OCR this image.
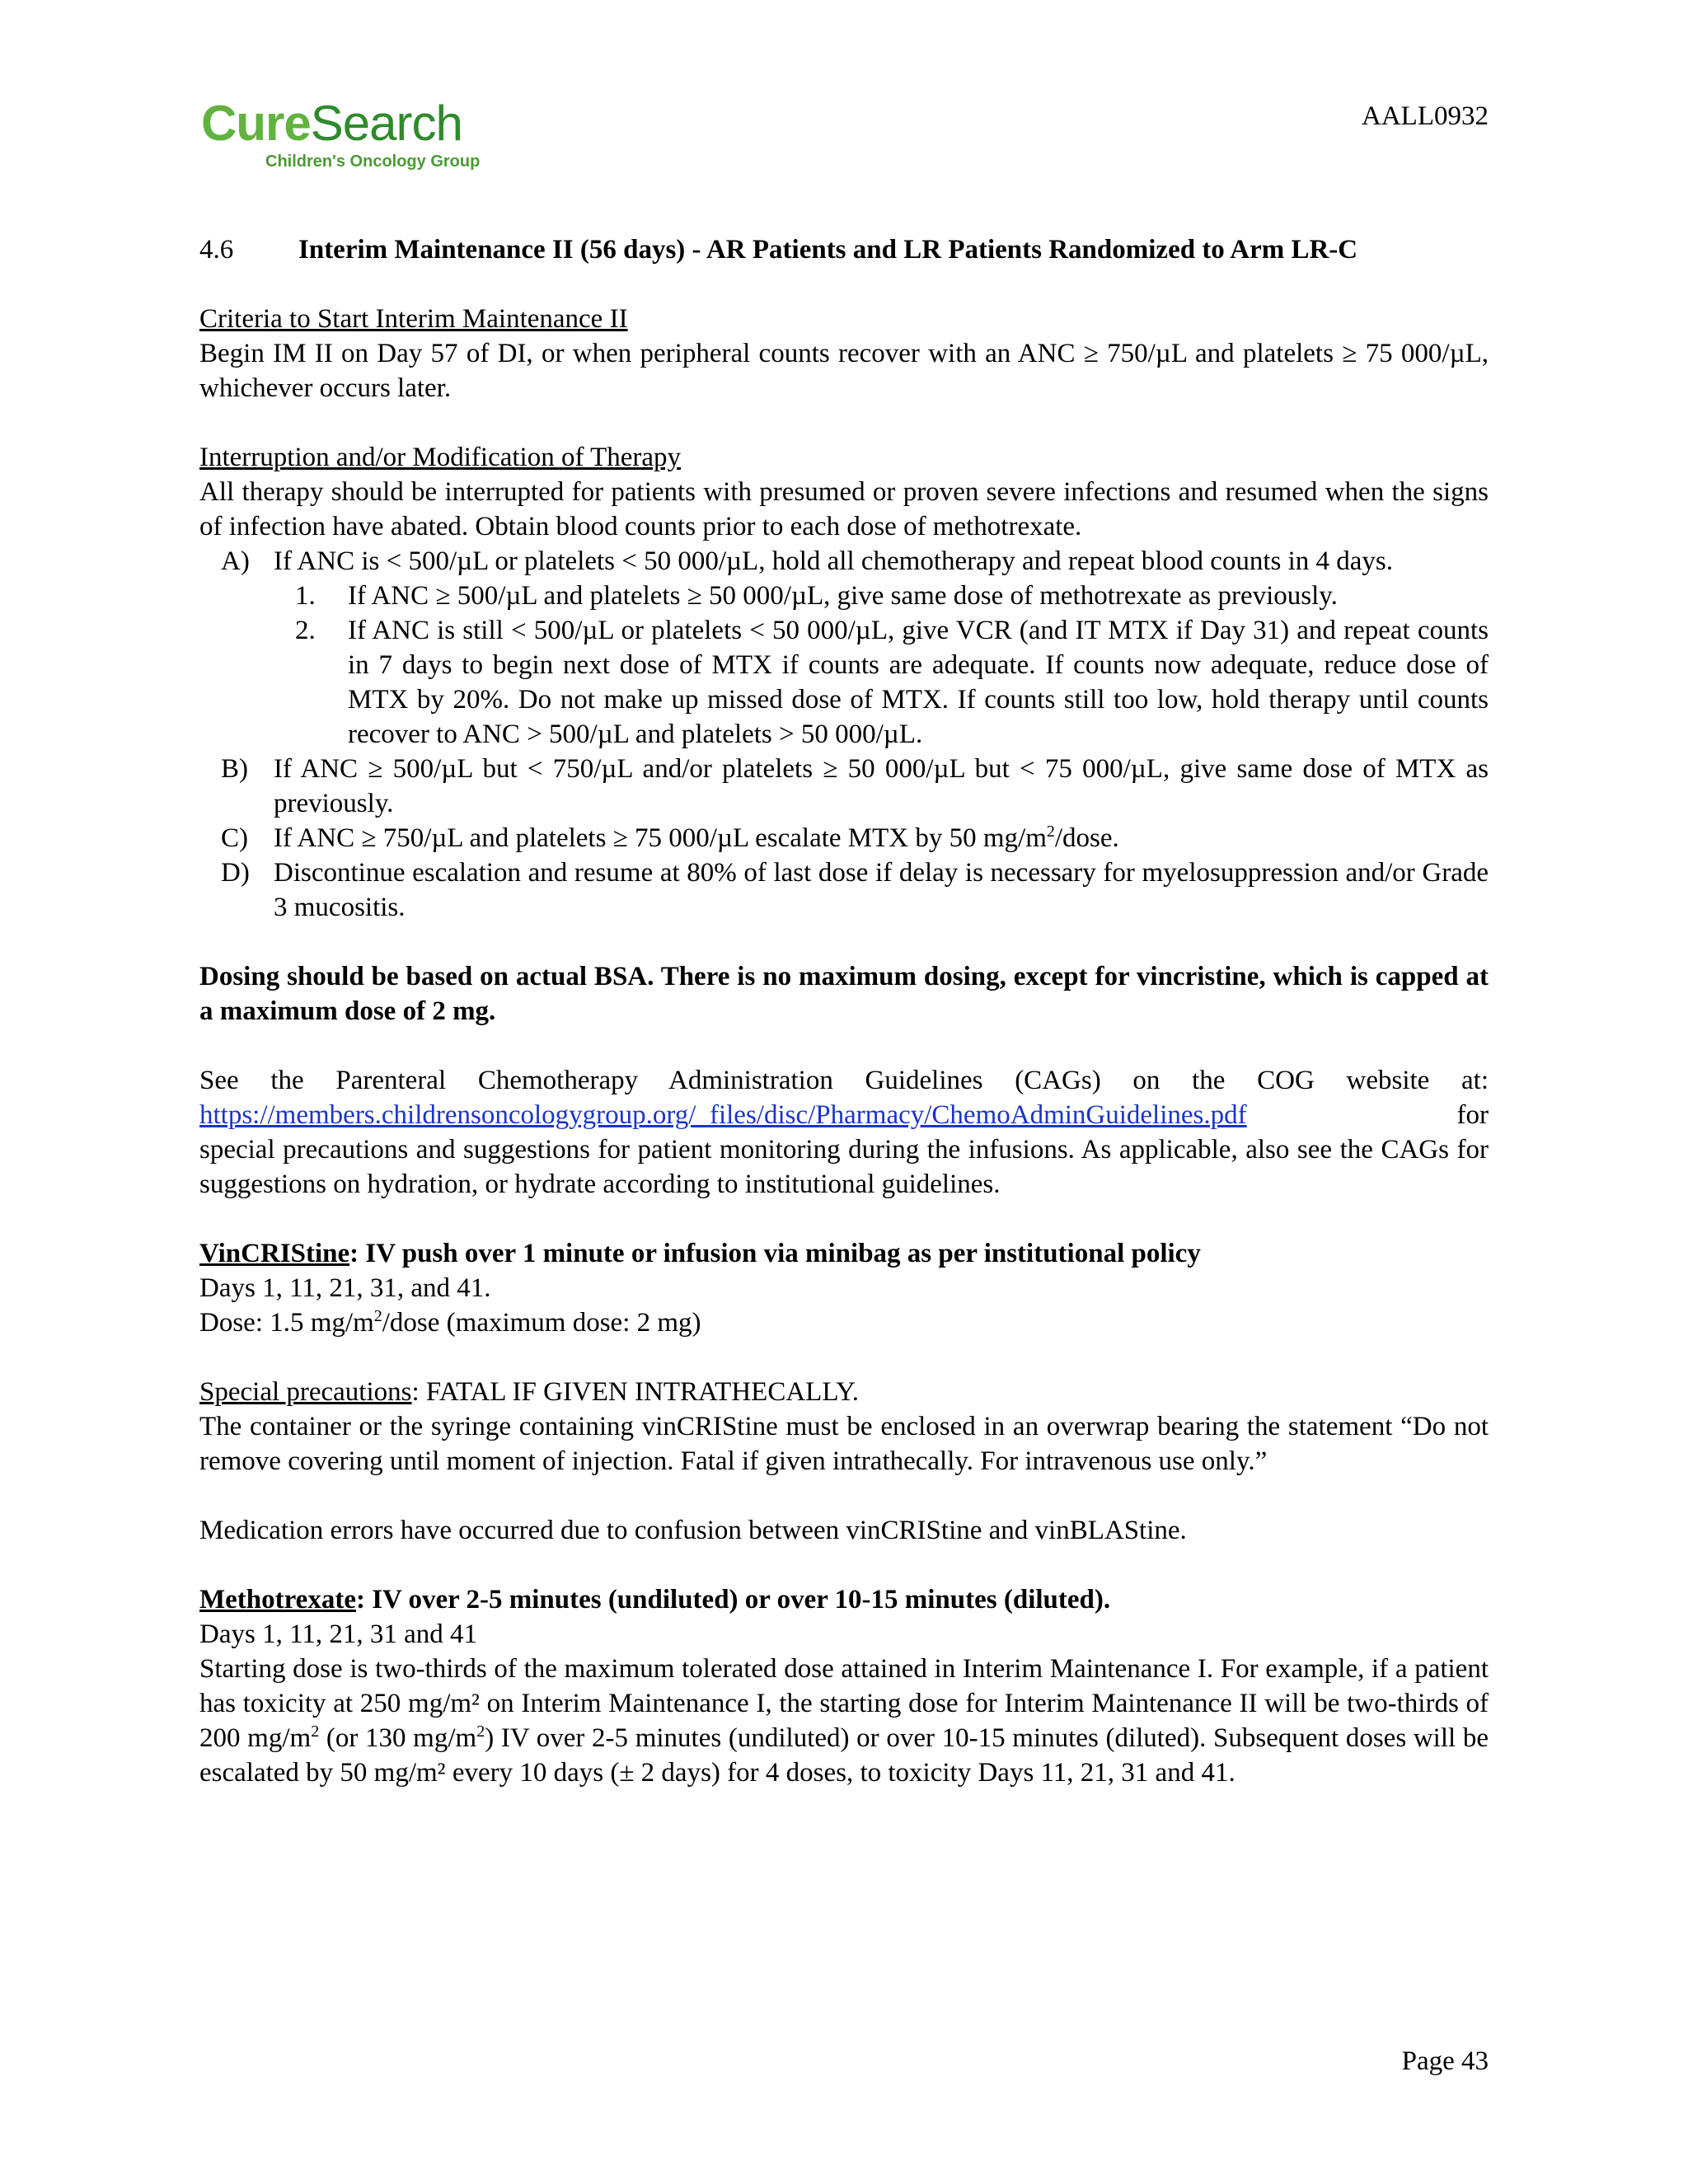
CureSearch
Children's Oncology Group
AALL0932
4.6	Interim Maintenance II (56 days) - AR Patients and LR Patients Randomized to Arm LR-C
Criteria to Start Interim Maintenance II
Begin IM II on Day 57 of DI, or when peripheral counts recover with an ANC ≥ 750/µL and platelets ≥ 75 000/µL, whichever occurs later.
Interruption and/or Modification of Therapy
All therapy should be interrupted for patients with presumed or proven severe infections and resumed when the signs of infection have abated. Obtain blood counts prior to each dose of methotrexate.
A) If ANC is < 500/µL or platelets < 50 000/µL, hold all chemotherapy and repeat blood counts in 4 days.
1.	If ANC ≥ 500/µL and platelets ≥ 50 000/µL, give same dose of methotrexate as previously.
2.	If ANC is still < 500/µL or platelets < 50 000/µL, give VCR (and IT MTX if Day 31) and repeat counts in 7 days to begin next dose of MTX if counts are adequate. If counts now adequate, reduce dose of MTX by 20%. Do not make up missed dose of MTX. If counts still too low, hold therapy until counts recover to ANC > 500/µL and platelets > 50 000/µL.
B) If ANC ≥ 500/µL but < 750/µL and/or platelets ≥ 50 000/µL but < 75 000/µL, give same dose of MTX as previously.
C) If ANC ≥ 750/µL and platelets ≥ 75 000/µL escalate MTX by 50 $mg/m^2$/dose.
D) Discontinue escalation and resume at 80% of last dose if delay is necessary for myelosuppression and/or Grade 3 mucositis.
Dosing should be based on actual BSA. There is no maximum dosing, except for vincristine, which is capped at a maximum dose of 2 mg.
See the Parenteral Chemotherapy Administration Guidelines (CAGs) on the COG website at:
https://members.childrensoncologygroup.org/_files/disc/Pharmacy/ChemoAdminGuidelines.pdf	for
special precautions and suggestions for patient monitoring during the infusions. As applicable, also see the CAGs for suggestions on hydration, or hydrate according to institutional guidelines.
VinCRIStine: IV push over 1 minute or infusion via minibag as per institutional policy
Days 1, 11, 21, 31, and 41.
Dose: 1.5 $mg/m^2$/dose (maximum dose: 2 mg)
Special precautions: FATAL IF GIVEN INTRATHECALLY.
The container or the syringe containing vinCRIStine must be enclosed in an overwrap bearing the statement “Do not remove covering until moment of injection. Fatal if given intrathecally. For intravenous use only.”
Medication errors have occurred due to confusion between vinCRIStine and vinBLAStine.
Methotrexate: IV over 2-5 minutes (undiluted) or over 10-15 minutes (diluted).
Days 1, 11, 21, 31 and 41
Starting dose is two-thirds of the maximum tolerated dose attained in Interim Maintenance I. For example, if a patient has toxicity at 250 mg/m² on Interim Maintenance I, the starting dose for Interim Maintenance II will be two-thirds of 200 $mg/m^2$ (or 130 $mg/m^2$) IV over 2-5 minutes (undiluted) or over 10-15 minutes (diluted). Subsequent doses will be escalated by 50 mg/m² every 10 days (± 2 days) for 4 doses, to toxicity Days 11, 21, 31 and 41.
Page 43
